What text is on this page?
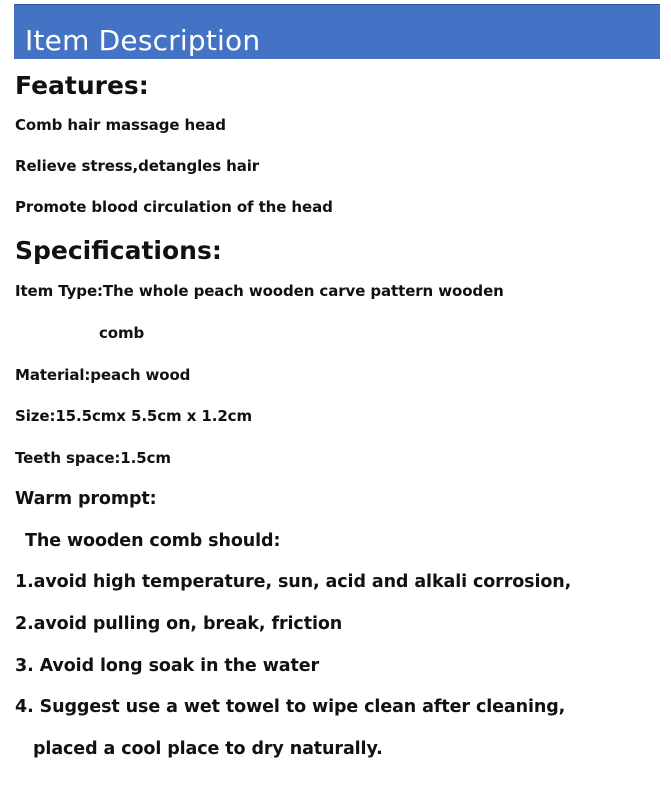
Item Description
Features:
Comb hair massage head
Relieve stress,detangles hair
Promote blood circulation of the head
Specifications:
Item Type:The whole peach wooden carve pattern wooden
comb
Material:peach wood
Size:15.5cmx 5.5cm x 1.2cm
Teeth space:1.5cm
Warm prompt:
The wooden comb should:
1.avoid high temperature, sun, acid and alkali corrosion,
2.avoid pulling on, break, friction
3. Avoid long soak in the water
4. Suggest use a wet towel to wipe clean after cleaning,
placed a cool place to dry naturally.
